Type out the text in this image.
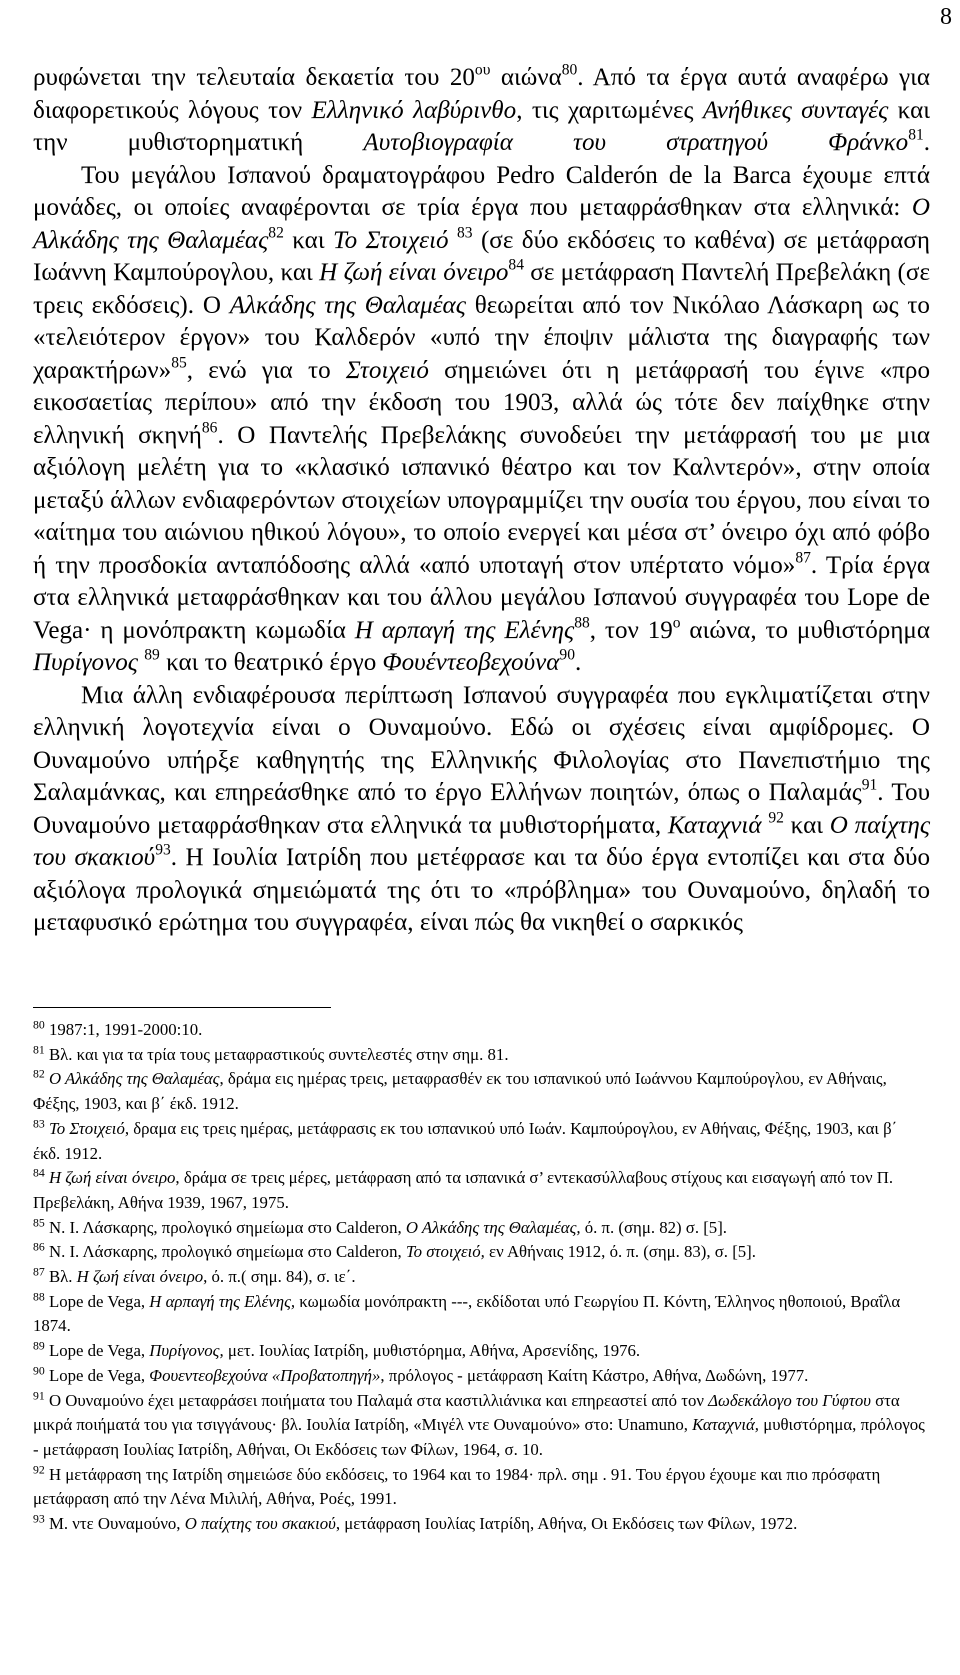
8

ρυφώνεται την τελευταία δεκαετία του $20^{o\upsilon}$ αιώνα$^{80}$. Από τα έργα αυτά αναφέρω για διαφορετικούς λόγους τον Ελληνικό λαβύρινθο, τις χαριτωμένες Ανήθικες συνταγές και την μυθιστορηματική Αυτοβιογραφία του στρατηγού Φράνκο$^{81}$.

Του μεγάλου Ισπανού δραματογράφου Pedro Calderón de la Barca έχουμε επτά μονάδες, οι οποίες αναφέρονται σε τρία έργα που μεταφράσθηκαν στα ελληνικά: Ο Αλκάδης της Θαλαμέας$^{82}$ και Το Στοιχειό $^{83}$ (σε δύο εκδόσεις το καθένα) σε μετάφραση Ιωάννη Καμπούρογλου, και Η ζωή είναι όνειρο$^{84}$ σε μετάφραση Παντελή Πρεβελάκη (σε τρεις εκδόσεις). Ο Αλκάδης της Θαλαμέας θεωρείται από τον Νικόλαο Λάσκαρη ως το «τελειότερον έργον» του Καλδερόν «υπό την έποψιν μάλιστα της διαγραφής των χαρακτήρων»$^{85}$, ενώ για το Στοιχειό σημειώνει ότι η μετάφρασή του έγινε «προ εικοσαετίας περίπου» από την έκδοση του 1903, αλλά ώς τότε δεν παίχθηκε στην ελληνική σκηνή$^{86}$. Ο Παντελής Πρεβελάκης συνοδεύει την μετάφρασή του με μια αξιόλογη μελέτη για το «κλασικό ισπανικό θέατρο και τον Καλντερόν», στην οποία μεταξύ άλλων ενδιαφερόντων στοιχείων υπογραμμίζει την ουσία του έργου, που είναι το «αίτημα του αιώνιου ηθικού λόγου», το οποίο ενεργεί και μέσα στ’ όνειρο όχι από φόβο ή την προσδοκία ανταπόδοσης αλλά «από υποταγή στον υπέρτατο νόμο»$^{87}$. Τρία έργα στα ελληνικά μεταφράσθηκαν και του άλλου μεγάλου Ισπανού συγγραφέα του Lope de Vega· η μονόπρακτη κωμωδία Η αρπαγή της Ελένης$^{88}$, τον $19^o$ αιώνα, το μυθιστόρημα Πυρίγονος $^{89}$ και το θεατρικό έργο Φουέντεοβεχούνα$^{90}$.

Μια άλλη ενδιαφέρουσα περίπτωση Ισπανού συγγραφέα που εγκλιματίζεται στην ελληνική λογοτεχνία είναι ο Ουναμούνο. Εδώ οι σχέσεις είναι αμφίδρομες. Ο Ουναμούνο υπήρξε καθηγητής της Ελληνικής Φιλολογίας στο Πανεπιστήμιο της Σαλαμάνκας, και επηρεάσθηκε από το έργο Ελλήνων ποιητών, όπως ο Παλαμάς$^{91}$. Του Ουναμούνο μεταφράσθηκαν στα ελληνικά τα μυθιστορήματα, Καταχνιά $^{92}$ και Ο παίχτης του σκακιού$^{93}$. Η Ιουλία Ιατρίδη που μετέφρασε και τα δύο έργα εντοπίζει και στα δύο αξιόλογα προλογικά σημειώματά της ότι το «πρόβλημα» του Ουναμούνο, δηλαδή το μεταφυσικό ερώτημα του συγγραφέα, είναι πώς θα νικηθεί ο σαρκικός

$^{80}$ 1987:1, 1991-2000:10.

$^{81}$ Βλ. και για τα τρία τους μεταφραστικούς συντελεστές στην σημ. 81.

$^{82}$ Ο Αλκάδης της Θαλαμέας, δράμα εις ημέρας τρεις, μεταφρασθέν εκ του ισπανικού υπό Ιωάννου Καμπούρογλου, εν Αθήναις, Φέξης, 1903, και β΄ έκδ. 1912.

$^{83}$ Το Στοιχειό, δραμα εις τρεις ημέρας, μετάφρασις εκ του ισπανικού υπό Ιωάν. Καμπούρογλου, εν Αθήναις, Φέξης, 1903, και β΄ έκδ. 1912.

$^{84}$ Η ζωή είναι όνειρο, δράμα σε τρεις μέρες, μετάφραση από τα ισπανικά σ’ εντεκασύλλαβους στίχους και εισαγωγή από τον Π. Πρεβελάκη, Αθήνα 1939, 1967, 1975.

$^{85}$ Ν. Ι. Λάσκαρης, προλογικό σημείωμα στο Calderon, Ο Αλκάδης της Θαλαμέας, ό. π. (σημ. 82) σ. [5].

$^{86}$ Ν. Ι. Λάσκαρης, προλογικό σημείωμα στο Calderon, Το στοιχειό, εν Αθήναις 1912, ό. π. (σημ. 83), σ. [5].

$^{87}$ Βλ. Η ζωή είναι όνειρο, ό. π.( σημ. 84), σ. ιε΄.

$^{88}$ Lope de Vega, Η αρπαγή της Ελένης, κωμωδία μονόπρακτη ---, εκδίδοται υπό Γεωργίου Π. Κόντη, Έλληνος ηθοποιού, Βραΐλα 1874.

$^{89}$ Lope de Vega, Πυρίγονος, μετ. Ιουλίας Ιατρίδη, μυθιστόρημα, Αθήνα, Αρσενίδης, 1976.

$^{90}$ Lope de Vega, Φουεντεοβεχούνα «Προβατοπηγή», πρόλογος - μετάφραση Καίτη Κάστρο, Αθήνα, Δωδώνη, 1977.

$^{91}$ Ο Ουναμούνο έχει μεταφράσει ποιήματα του Παλαμά στα καστιλλιάνικα και επηρεαστεί από τον Δωδεκάλογο του Γύφτου στα μικρά ποιήματά του για τσιγγάνους· βλ. Ιουλία Ιατρίδη, «Μιγέλ ντε Ουναμούνο» στο: Unamuno, Καταχνιά, μυθιστόρημα, πρόλογος - μετάφραση Ιουλίας Ιατρίδη, Αθήναι, Οι Εκδόσεις των Φίλων, 1964, σ. 10.

$^{92}$ Η μετάφραση της Ιατρίδη σημειώσε δύο εκδόσεις, το 1964 και το 1984· πρλ. σημ . 91. Του έργου έχουμε και πιο πρόσφατη μετάφραση από την Λένα Μιλιλή, Αθήνα, Ροές, 1991.

$^{93}$ Μ. ντε Ουναμούνο, Ο παίχτης του σκακιού, μετάφραση Ιουλίας Ιατρίδη, Αθήνα, Οι Εκδόσεις των Φίλων, 1972.
